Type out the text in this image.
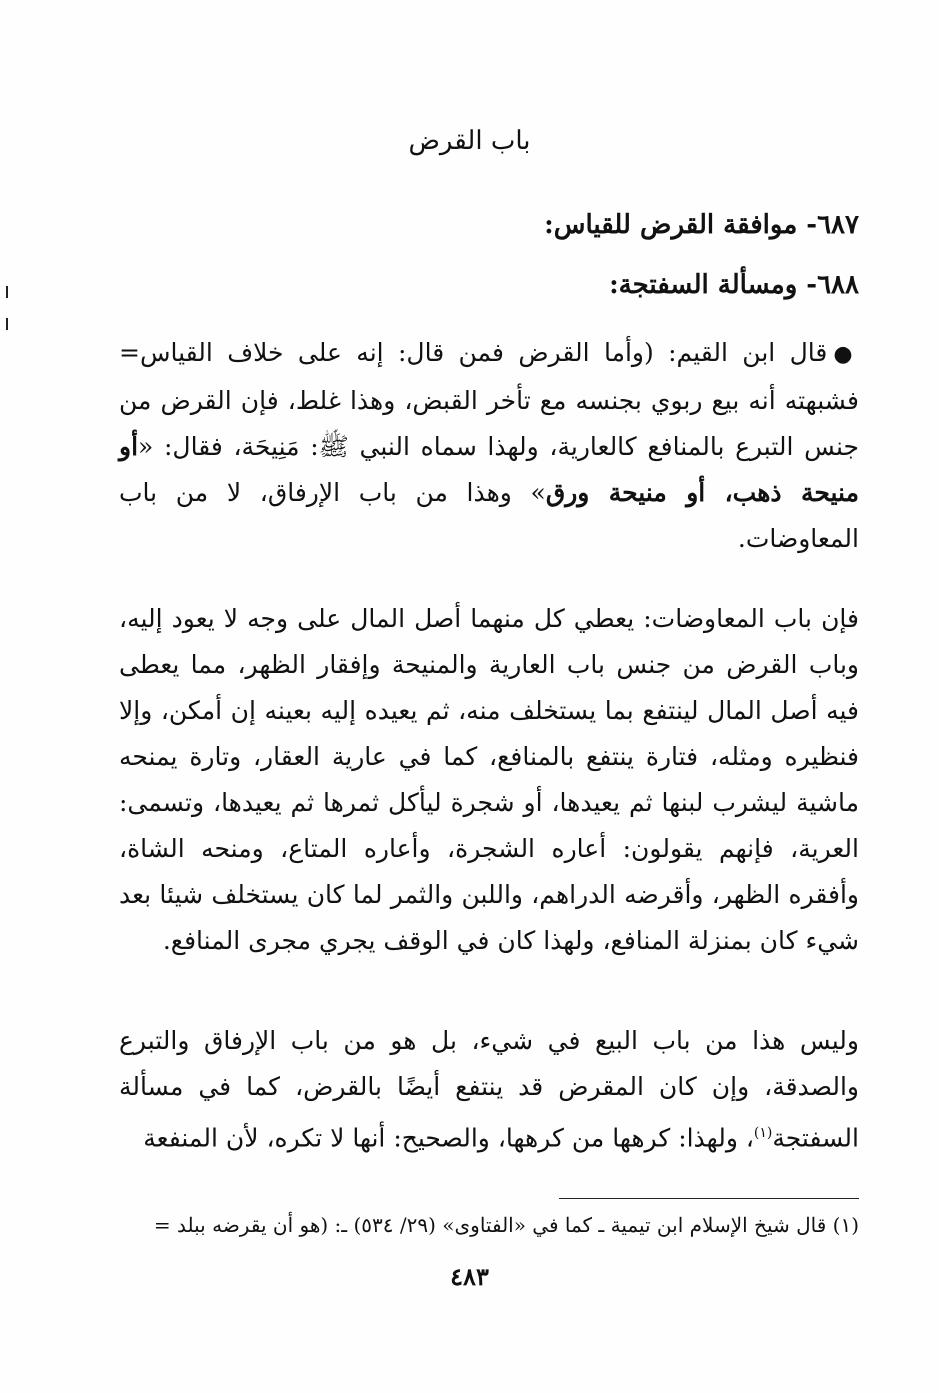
باب القرض
٦٨٧- موافقة القرض للقياس:
٦٨٨- ومسألة السفتجة:
●قال ابن القيم: (وأما القرض فمن قال: إنه على خلاف القياس= فشبهته أنه بيع ربوي بجنسه مع تأخر القبض، وهذا غلط، فإن القرض من جنس التبرع بالمنافع كالعارية، ولهذا سماه النبي ﷺ: مَنِيحَة، فقال: «أو منيحة ذهب، أو منيحة ورق» وهذا من باب الإرفاق، لا من باب المعاوضات.
فإن باب المعاوضات: يعطي كل منهما أصل المال على وجه لا يعود إليه، وباب القرض من جنس باب العارية والمنيحة وإفقار الظهر، مما يعطى فيه أصل المال لينتفع بما يستخلف منه، ثم يعيده إليه بعينه إن أمكن، وإلا فنظيره ومثله، فتارة ينتفع بالمنافع، كما في عارية العقار، وتارة يمنحه ماشية ليشرب لبنها ثم يعيدها، أو شجرة ليأكل ثمرها ثم يعيدها، وتسمى: العرية، فإنهم يقولون: أعاره الشجرة، وأعاره المتاع، ومنحه الشاة، وأفقره الظهر، وأقرضه الدراهم، واللبن والثمر لما كان يستخلف شيئا بعد شيء كان بمنزلة المنافع، ولهذا كان في الوقف يجري مجرى المنافع.
وليس هذا من باب البيع في شيء، بل هو من باب الإرفاق والتبرع والصدقة، وإن كان المقرض قد ينتفع أيضًا بالقرض، كما في مسألة السفتجة$^{(١)}$، ولهذا: كرهها من كرهها، والصحيح: أنها لا تكره، لأن المنفعة
(١) قال شيخ الإسلام ابن تيمية ـ كما في «الفتاوى» (٢٩/ ٥٣٤) ـ: (هو أن يقرضه ببلد =
٤٨٣
